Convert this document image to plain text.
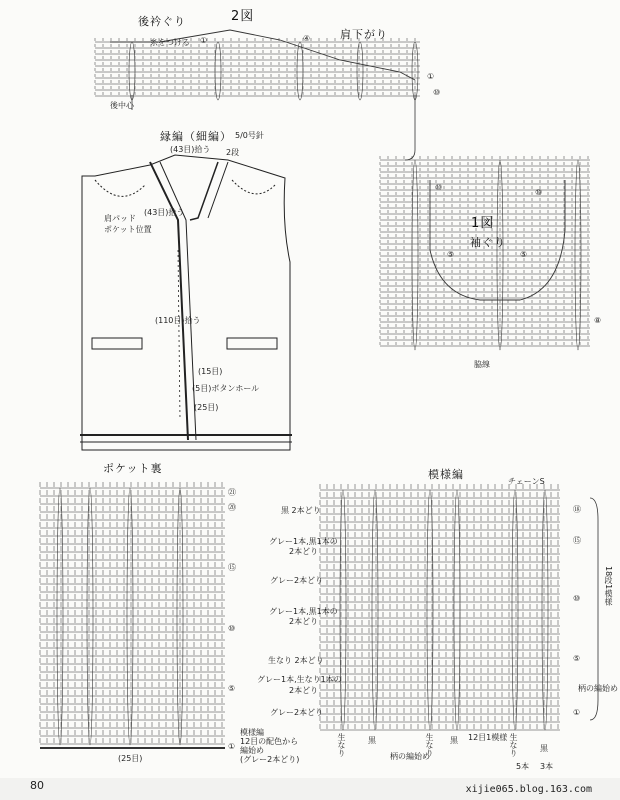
2図
後衿ぐり
肩下がり
糸をつける ①	④
①
⑩
後中心
縁編（細編） 5/0号針
(43目)拾う 2段
(43目)拾う
肩パッド
ポケット位置
(110目)拾う
(15目)
(5目)ボタンホール
(25目)
1図
袖ぐり
⑩
⑤
⑩
⑤
⑧
脇線
ポケット裏
㉑
⑳
⑮
⑩
⑤
①
模様編
12目の配色から
編始め
(グレー2本どり)
(25目)
模様編
チェーンS
黒 2本どり
グレー1本,黒1本の
2本どり
グレー2本どり
グレー1本,黒1本の
2本どり
生なり 2本どり
グレー1本,生なり1本の
2本どり
グレー2本どり
⑱
⑮
⑩
⑤
①
18段1模様
柄の編始め
生なり	黒	生なり 黒	生なり
5本
黒
3本
柄の編始め
12目1模様
80	xijie065.blog.163.com
